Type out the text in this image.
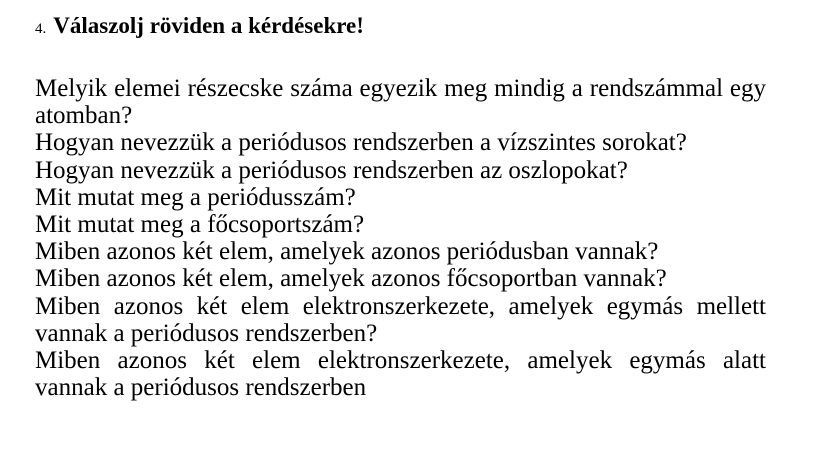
4. Válaszolj röviden a kérdésekre!
Melyik elemei részecske száma egyezik meg mindig a rendszámmal egy atomban?
Hogyan nevezzük a periódusos rendszerben a vízszintes sorokat?
Hogyan nevezzük a periódusos rendszerben az oszlopokat?
Mit mutat meg a periódusszám?
Mit mutat meg a főcsoportszám?
Miben azonos két elem, amelyek azonos periódusban vannak?
Miben azonos két elem, amelyek azonos főcsoportban vannak?
Miben azonos két elem elektronszerkezete, amelyek egymás mellett vannak a periódusos rendszerben?
Miben azonos két elem elektronszerkezete, amelyek egymás alatt vannak a periódusos rendszerben
